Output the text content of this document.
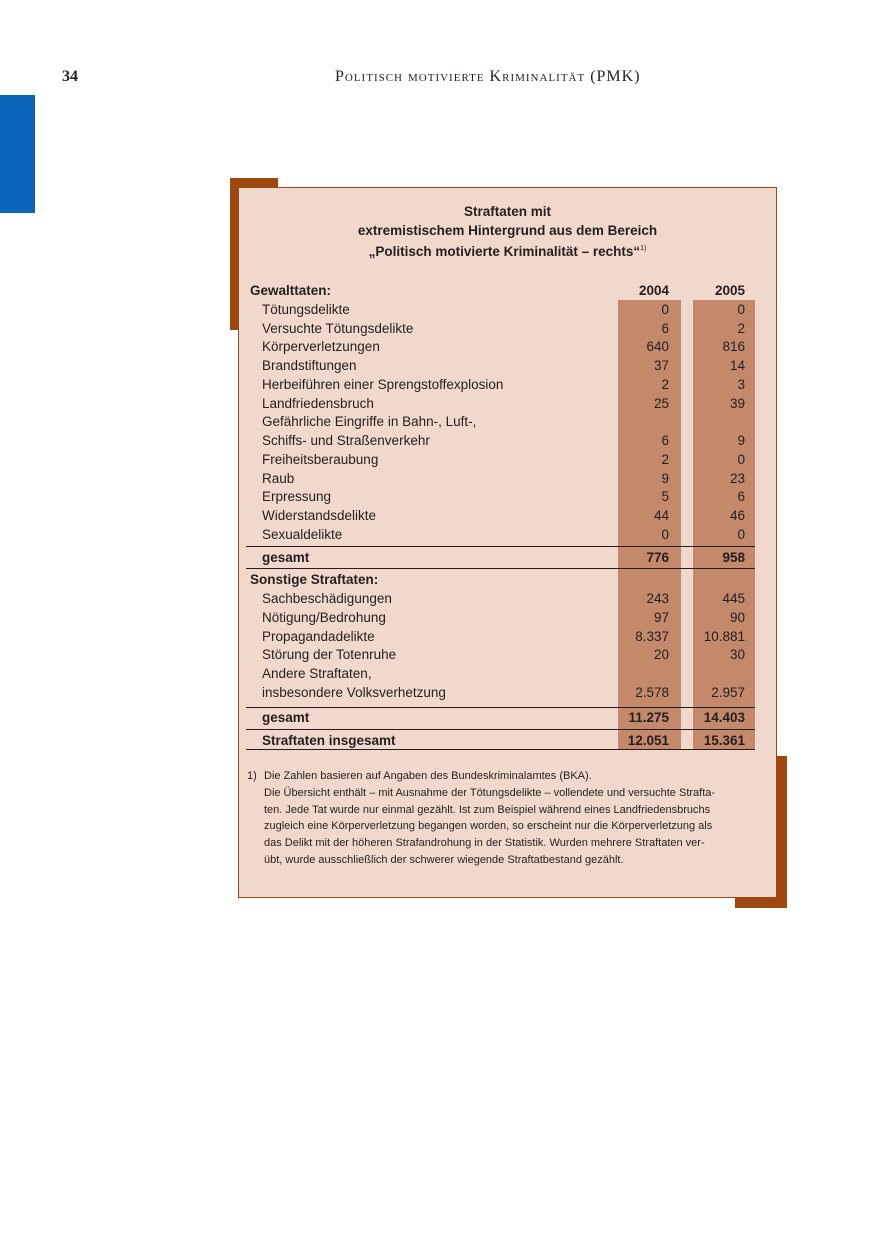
34	Politisch motivierte Kriminalität (PMK)
Straftaten mit
extremistischem Hintergrund aus dem Bereich
„Politisch motivierte Kriminalität – rechts“$^{1)}$
Gewalttaten:	2004	2005
Tötungsdelikte	0	0
Versuchte Tötungsdelikte	6	2
Körperverletzungen	640	816
Brandstiftungen	37	14
Herbeiführen einer Sprengstoffexplosion	2	3
Landfriedensbruch	25	39
Gefährliche Eingriffe in Bahn-, Luft-,
Schiffs- und Straßenverkehr	6	9
Freiheitsberaubung	2	0
Raub	9	23
Erpressung	5	6
Widerstandsdelikte	44	46
Sexualdelikte	0	0
gesamt	776	958
Sonstige Straftaten:
Sachbeschädigungen	243	445
Nötigung/Bedrohung	97	90
Propagandadelikte	8.337	10.881
Störung der Totenruhe	20	30
Andere Straftaten,
insbesondere Volksverhetzung	2.578	2.957
gesamt	11.275	14.403
Straftaten insgesamt	12.051	15.361
1) Die Zahlen basieren auf Angaben des Bundeskriminalamtes (BKA).
Die Übersicht enthält – mit Ausnahme der Tötungsdelikte – vollendete und versuchte Strafta-
ten. Jede Tat wurde nur einmal gezählt. Ist zum Beispiel während eines Landfriedensbruchs
zugleich eine Körperverletzung begangen worden, so erscheint nur die Körperverletzung als
das Delikt mit der höheren Strafandrohung in der Statistik. Wurden mehrere Straftaten ver-
übt, wurde ausschließlich der schwerer wiegende Straftatbestand gezählt.
